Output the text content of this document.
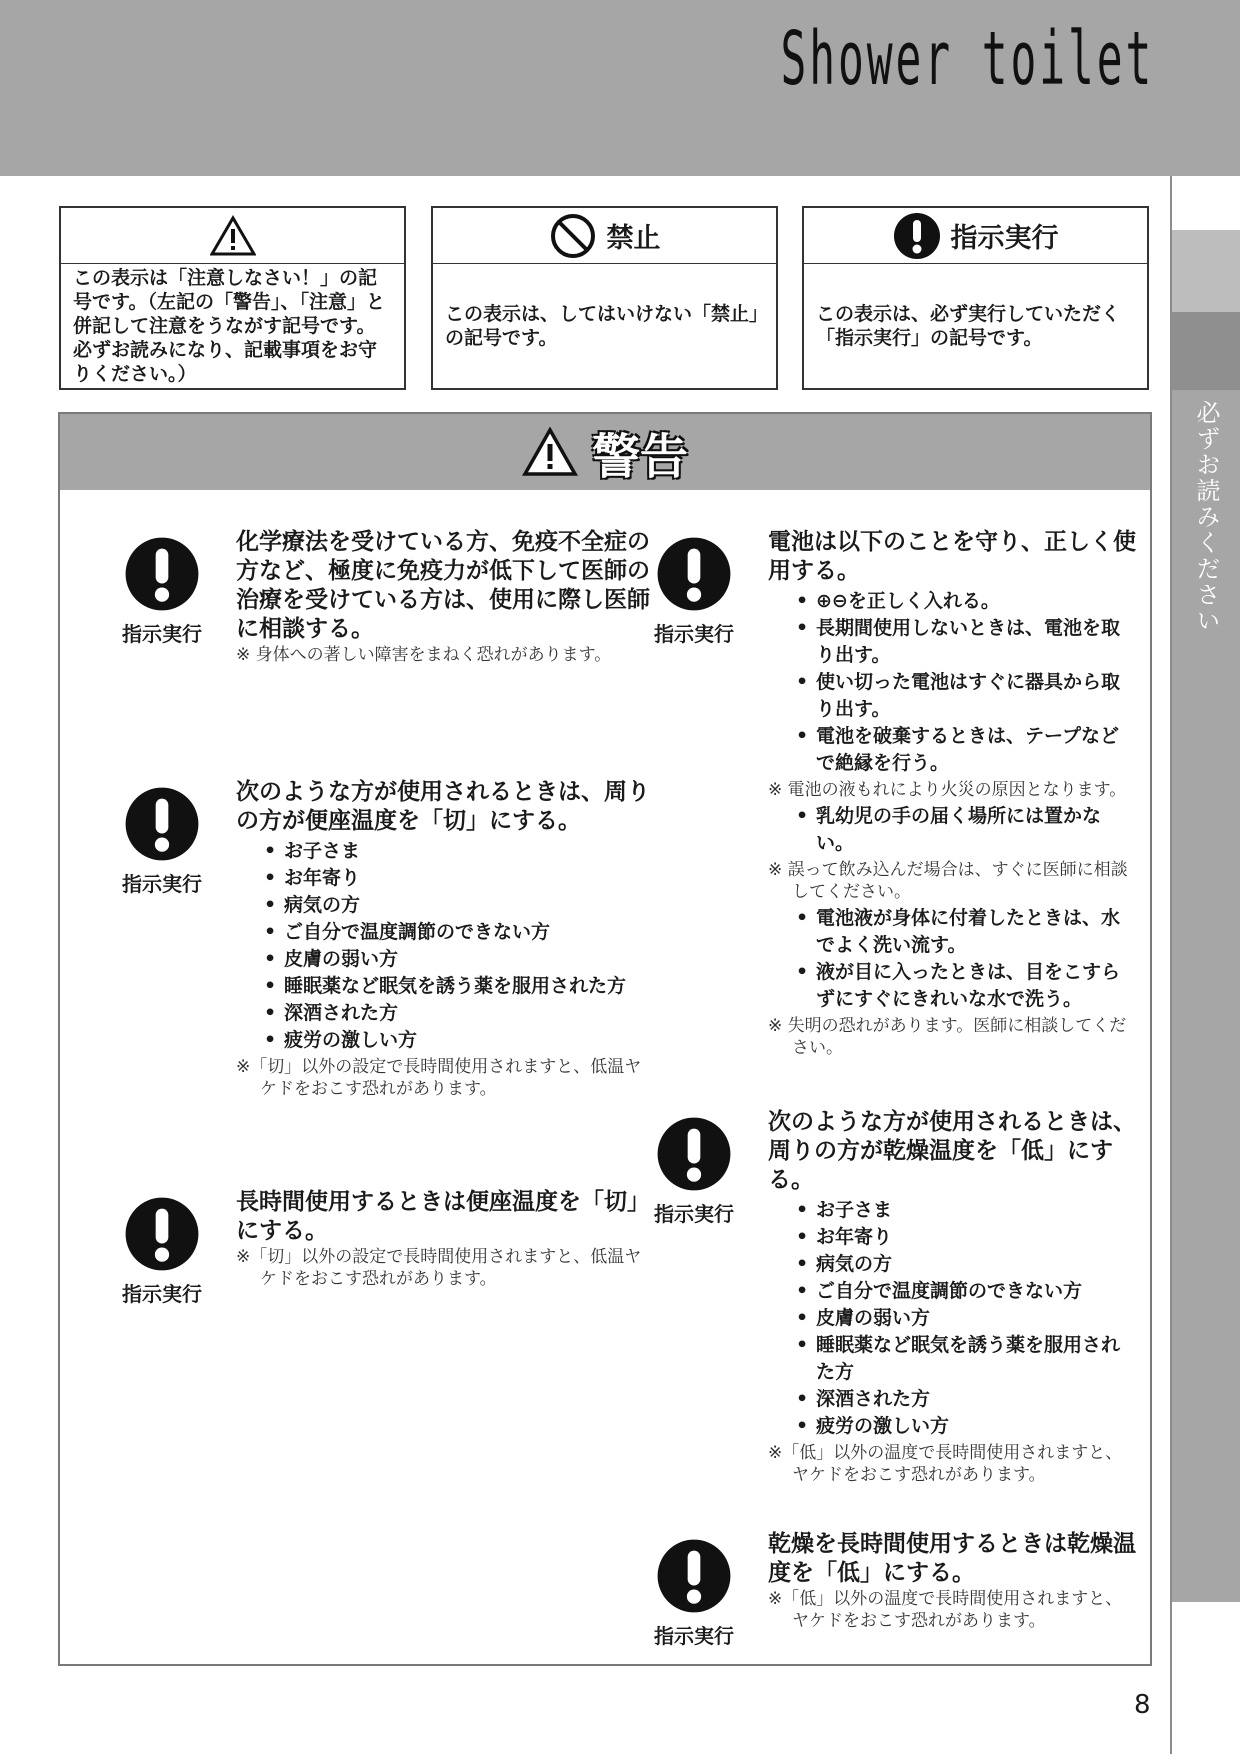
Shower toilet
必ずお読みください
この表示は「注意しなさい！」の記号です。（左記の「警告」、「注意」と併記して注意をうながす記号です。必ずお読みになり、記載事項をお守りください。）
禁止
この表示は、してはいけない「禁止」の記号です。
指示実行
この表示は、必ず実行していただく「指示実行」の記号です。
警告
指示実行
化学療法を受けている方、免疫不全症の方など、極度に免疫力が低下して医師の治療を受けている方は、使用に際し医師に相談する。
※ 身体への著しい障害をまねく恐れがあります。
指示実行
次のような方が使用されるときは、周りの方が便座温度を「切」にする。
• お子さま
• お年寄り
• 病気の方
• ご自分で温度調節のできない方
• 皮膚の弱い方
• 睡眠薬など眠気を誘う薬を服用された方
• 深酒された方
• 疲労の激しい方
※「切」以外の設定で長時間使用されますと、低温ヤケドをおこす恐れがあります。
指示実行
長時間使用するときは便座温度を「切」にする。
※「切」以外の設定で長時間使用されますと、低温ヤケドをおこす恐れがあります。
指示実行
電池は以下のことを守り、正しく使用する。
• ⊕⊖を正しく入れる。
• 長期間使用しないときは、電池を取り出す。
• 使い切った電池はすぐに器具から取り出す。
• 電池を破棄するときは、テープなどで絶縁を行う。
※ 電池の液もれにより火災の原因となります。
• 乳幼児の手の届く場所には置かない。
※ 誤って飲み込んだ場合は、すぐに医師に相談してください。
• 電池液が身体に付着したときは、水でよく洗い流す。
• 液が目に入ったときは、目をこすらずにすぐにきれいな水で洗う。
※ 失明の恐れがあります。医師に相談してください。
指示実行
次のような方が使用されるときは、周りの方が乾燥温度を「低」にする。
• お子さま
• お年寄り
• 病気の方
• ご自分で温度調節のできない方
• 皮膚の弱い方
• 睡眠薬など眠気を誘う薬を服用された方
• 深酒された方
• 疲労の激しい方
※「低」以外の温度で長時間使用されますと、ヤケドをおこす恐れがあります。
指示実行
乾燥を長時間使用するときは乾燥温度を「低」にする。
※「低」以外の温度で長時間使用されますと、ヤケドをおこす恐れがあります。
8
